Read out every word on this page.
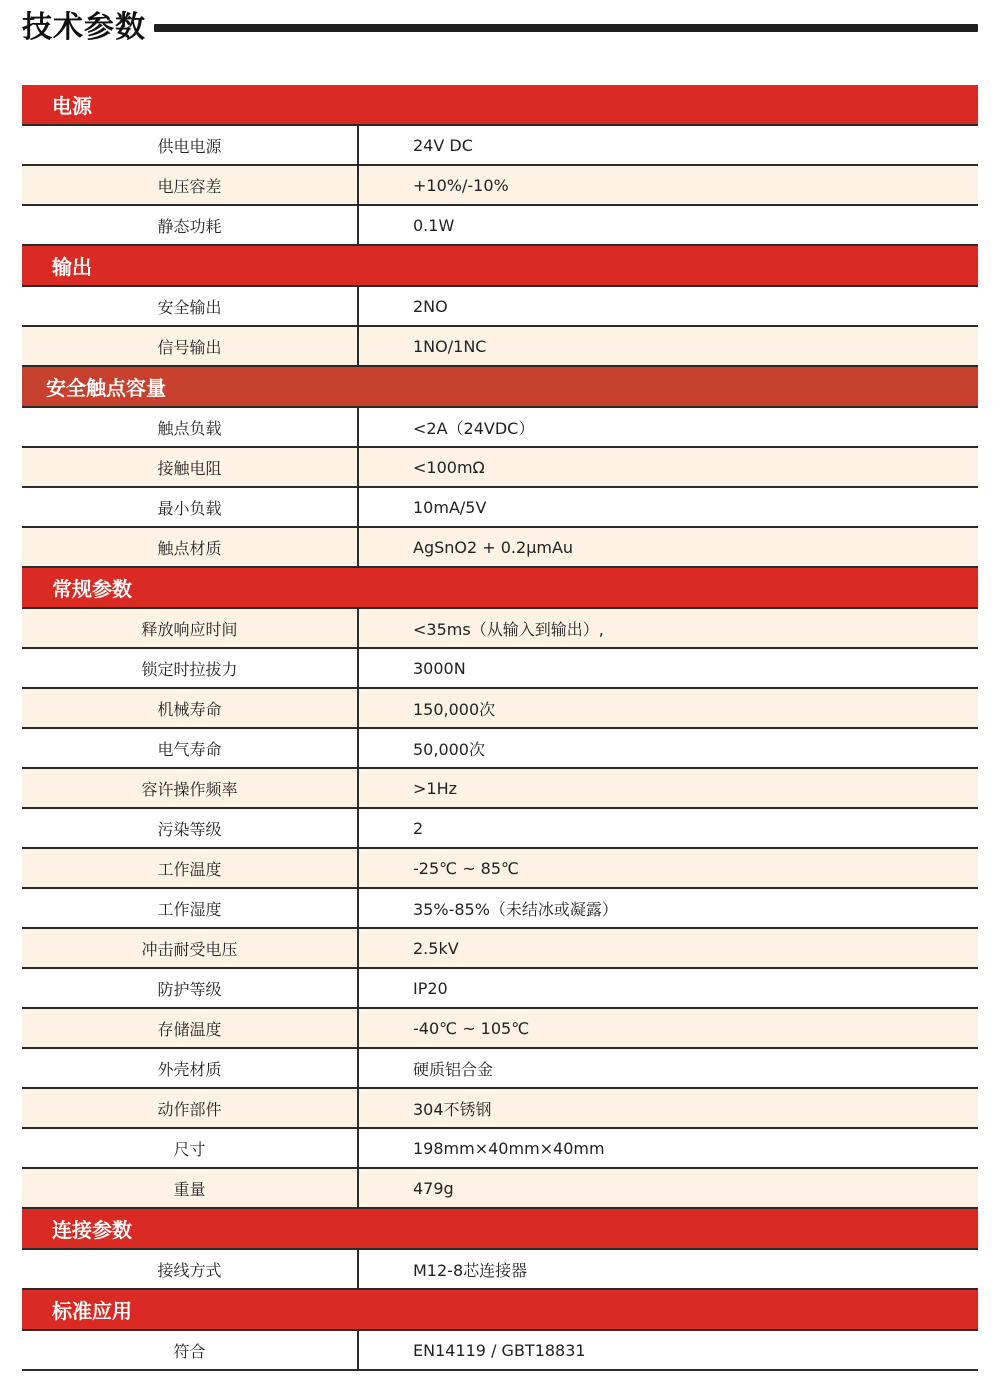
技术参数
电源
供电电源	24V DC
电压容差	+10%/-10%
静态功耗	0.1W
输出
安全输出	2NO
信号输出	1NO/1NC
安全触点容量
触点负载	<2A（24VDC）
接触电阻	<100mΩ
最小负载	10mA/5V
触点材质	AgSnO2 + 0.2μmAu
常规参数
释放响应时间	<35ms（从输入到输出）,
锁定时拉拔力	3000N
机械寿命	150,000次
电气寿命	50,000次
容许操作频率	>1Hz
污染等级	2
工作温度	-25℃ ~ 85℃
工作湿度	35%-85%（未结冰或凝露）
冲击耐受电压	2.5kV
防护等级	IP20
存储温度	-40℃ ~ 105℃
外壳材质	硬质铝合金
动作部件	304不锈钢
尺寸	198mm×40mm×40mm
重量	479g
连接参数
接线方式	M12-8芯连接器
标准应用
符合	EN14119 / GBT18831
